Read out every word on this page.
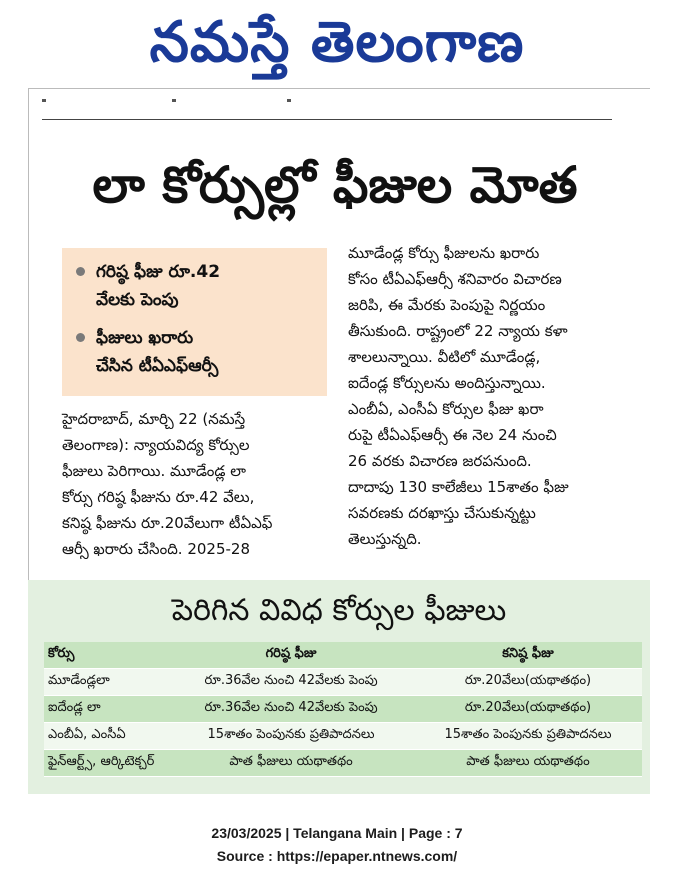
నమస్తే తెలంగాణ
లా కోర్సుల్లో ఫీజుల మోత
గరిష్ఠ ఫీజు రూ.42
వేలకు పెంపు
ఫీజులు ఖరారు
చేసిన టీఏఎఫ్ఆర్సీ

హైదరాబాద్, మార్చి 22 (నమస్తే

తెలంగాణ): న్యాయవిద్య కోర్సుల

ఫీజులు పెరిగాయి. మూడేండ్ల లా

కోర్సు గరిష్ఠ ఫీజును రూ.42 వేలు,

కనిష్ఠ ఫీజును రూ.20వేలుగా టీఏఎఫ్

ఆర్సీ ఖరారు చేసింది. 2025-28

మూడేండ్ల కోర్సు ఫీజులను ఖరారు

కోసం టీఏఎఫ్ఆర్సీ శనివారం విచారణ

జరిపి, ఈ మేరకు పెంపుపై నిర్ణయం

తీసుకుంది. రాష్ట్రంలో 22 న్యాయ కళా

శాలలున్నాయి. వీటిలో మూడేండ్ల,

ఐదేండ్ల కోర్సులను అందిస్తున్నాయి.

ఎంబీఏ, ఎంసీఏ కోర్సుల ఫీజు ఖరా

రుపై టీఏఎఫ్ఆర్సీ ఈ నెల 24 నుంచి

26 వరకు విచారణ జరపనుంది.

దాదాపు 130 కాలేజీలు 15శాతం ఫీజు

సవరణకు దరఖాస్తు చేసుకున్నట్టు

తెలుస్తున్నది.

పెరిగిన వివిధ కోర్సుల ఫీజులు
కోర్సు	గరిష్ఠ ఫీజు	కనిష్ఠ ఫీజు
మూడేండ్లలా	రూ.36వేల నుంచి 42వేలకు పెంపు	రూ.20వేలు(యథాతథం)
ఐదేండ్ల లా	రూ.36వేల నుంచి 42వేలకు పెంపు	రూ.20వేలు(యథాతథం)
ఎంబీఏ, ఎంసీఏ	15శాతం పెంపునకు ప్రతిపాదనలు	15శాతం పెంపునకు ప్రతిపాదనలు
ఫైన్ఆర్ట్స్, ఆర్కిటెక్చర్	పాత ఫీజులు యథాతథం	పాత ఫీజులు యథాతథం
23/03/2025 | Telangana Main | Page : 7
Source : https://epaper.ntnews.com/
